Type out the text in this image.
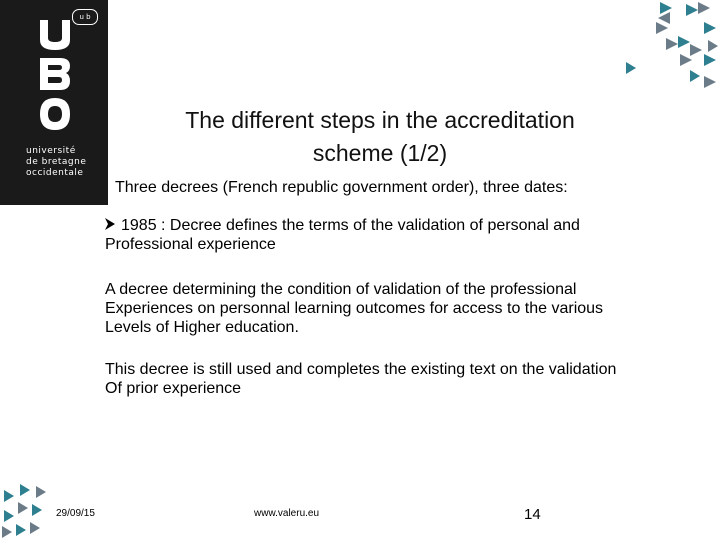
u b
université
de bretagne
occidentale
The different steps in the accreditation
scheme (1/2)
Three decrees (French republic government order), three dates:
1985 : Decree defines the terms of the validation of personal and
Professional experience
A decree determining the condition of validation of the professional
Experiences on personnal learning outcomes for access to the various
Levels of Higher education.
This decree is still used and completes the existing text on the validation
Of prior experience
29/09/15	www.valeru.eu	14
